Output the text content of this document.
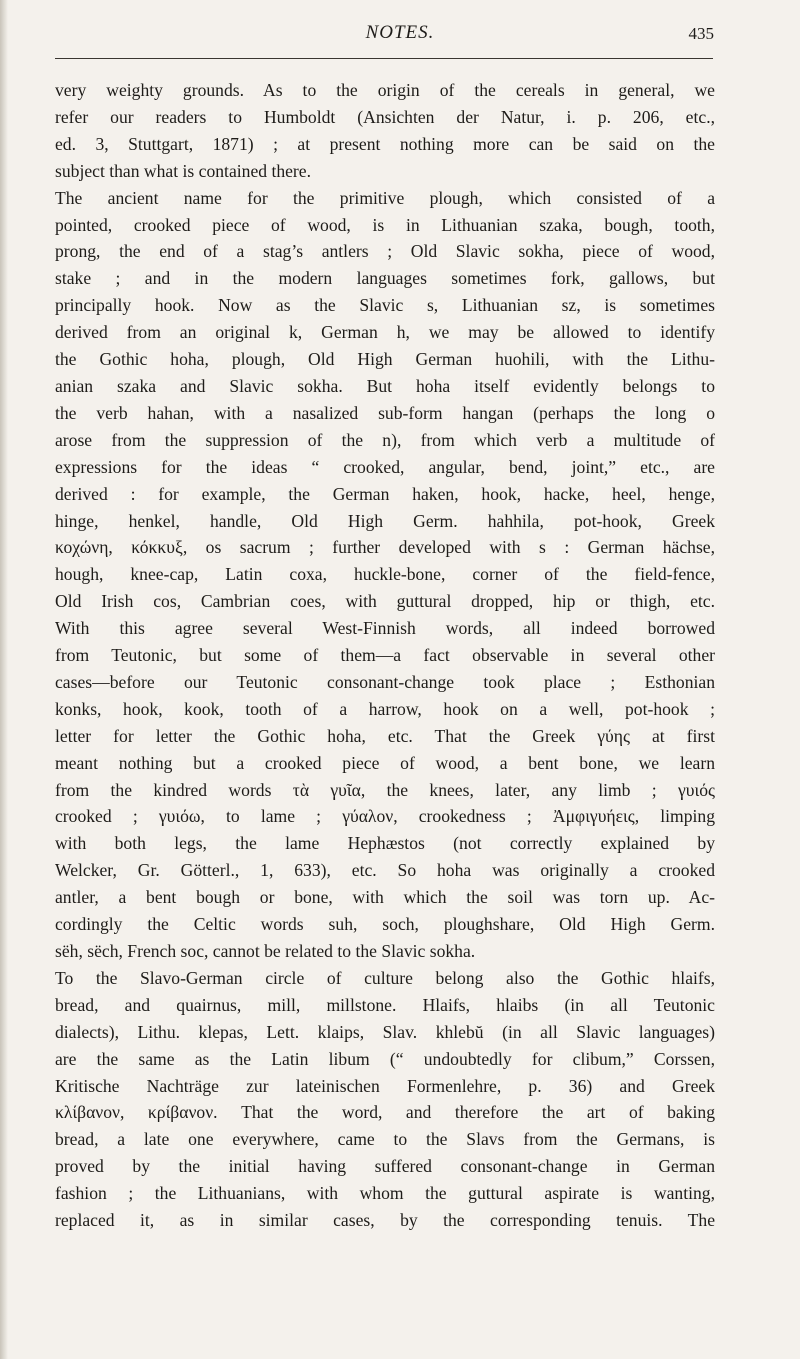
NOTES.	435
very weighty grounds. As to the origin of the cereals in general, we
refer our readers to Humboldt (Ansichten der Natur, i. p. 206, etc.,
ed. 3, Stuttgart, 1871) ; at present nothing more can be said on the
subject than what is contained there.
The ancient name for the primitive plough, which consisted of a
pointed, crooked piece of wood, is in Lithuanian szaka, bough, tooth,
prong, the end of a stag’s antlers ; Old Slavic sokha, piece of wood,
stake ; and in the modern languages sometimes fork, gallows, but
principally hook. Now as the Slavic s, Lithuanian sz, is sometimes
derived from an original k, German h, we may be allowed to identify
the Gothic hoha, plough, Old High German huohili, with the Lithu-
anian szaka and Slavic sokha. But hoha itself evidently belongs to
the verb hahan, with a nasalized sub-form hangan (perhaps the long o
arose from the suppression of the n), from which verb a multitude of
expressions for the ideas “ crooked, angular, bend, joint,” etc., are
derived : for example, the German haken, hook, hacke, heel, henge,
hinge, henkel, handle, Old High Germ. hahhila, pot-hook, Greek
κοχώνη, κόκκυξ, os sacrum ; further developed with s : German hächse,
hough, knee-cap, Latin coxa, huckle-bone, corner of the field-fence,
Old Irish cos, Cambrian coes, with guttural dropped, hip or thigh, etc.
With this agree several West-Finnish words, all indeed borrowed
from Teutonic, but some of them—a fact observable in several other
cases—before our Teutonic consonant-change took place ; Esthonian
konks, hook, kook, tooth of a harrow, hook on a well, pot-hook ;
letter for letter the Gothic hoha, etc. That the Greek γύης at first
meant nothing but a crooked piece of wood, a bent bone, we learn
from the kindred words τὰ γυῖα, the knees, later, any limb ; γυιός
crooked ; γυιόω, to lame ; γύαλον, crookedness ; Ἀμφιγυήεις, limping
with both legs, the lame Hephæstos (not correctly explained by
Welcker, Gr. Götterl., 1, 633), etc. So hoha was originally a crooked
antler, a bent bough or bone, with which the soil was torn up. Ac-
cordingly the Celtic words suh, soch, ploughshare, Old High Germ.
sëh, sëch, French soc, cannot be related to the Slavic sokha.
To the Slavo-German circle of culture belong also the Gothic hlaifs,
bread, and quairnus, mill, millstone. Hlaifs, hlaibs (in all Teutonic
dialects), Lithu. klepas, Lett. klaips, Slav. khlebŭ (in all Slavic languages)
are the same as the Latin libum (“ undoubtedly for clibum,” Corssen,
Kritische Nachträge zur lateinischen Formenlehre, p. 36) and Greek
κλίβανον, κρίβανον. That the word, and therefore the art of baking
bread, a late one everywhere, came to the Slavs from the Germans, is
proved by the initial having suffered consonant-change in German
fashion ; the Lithuanians, with whom the guttural aspirate is wanting,
replaced it, as in similar cases, by the corresponding tenuis. The
